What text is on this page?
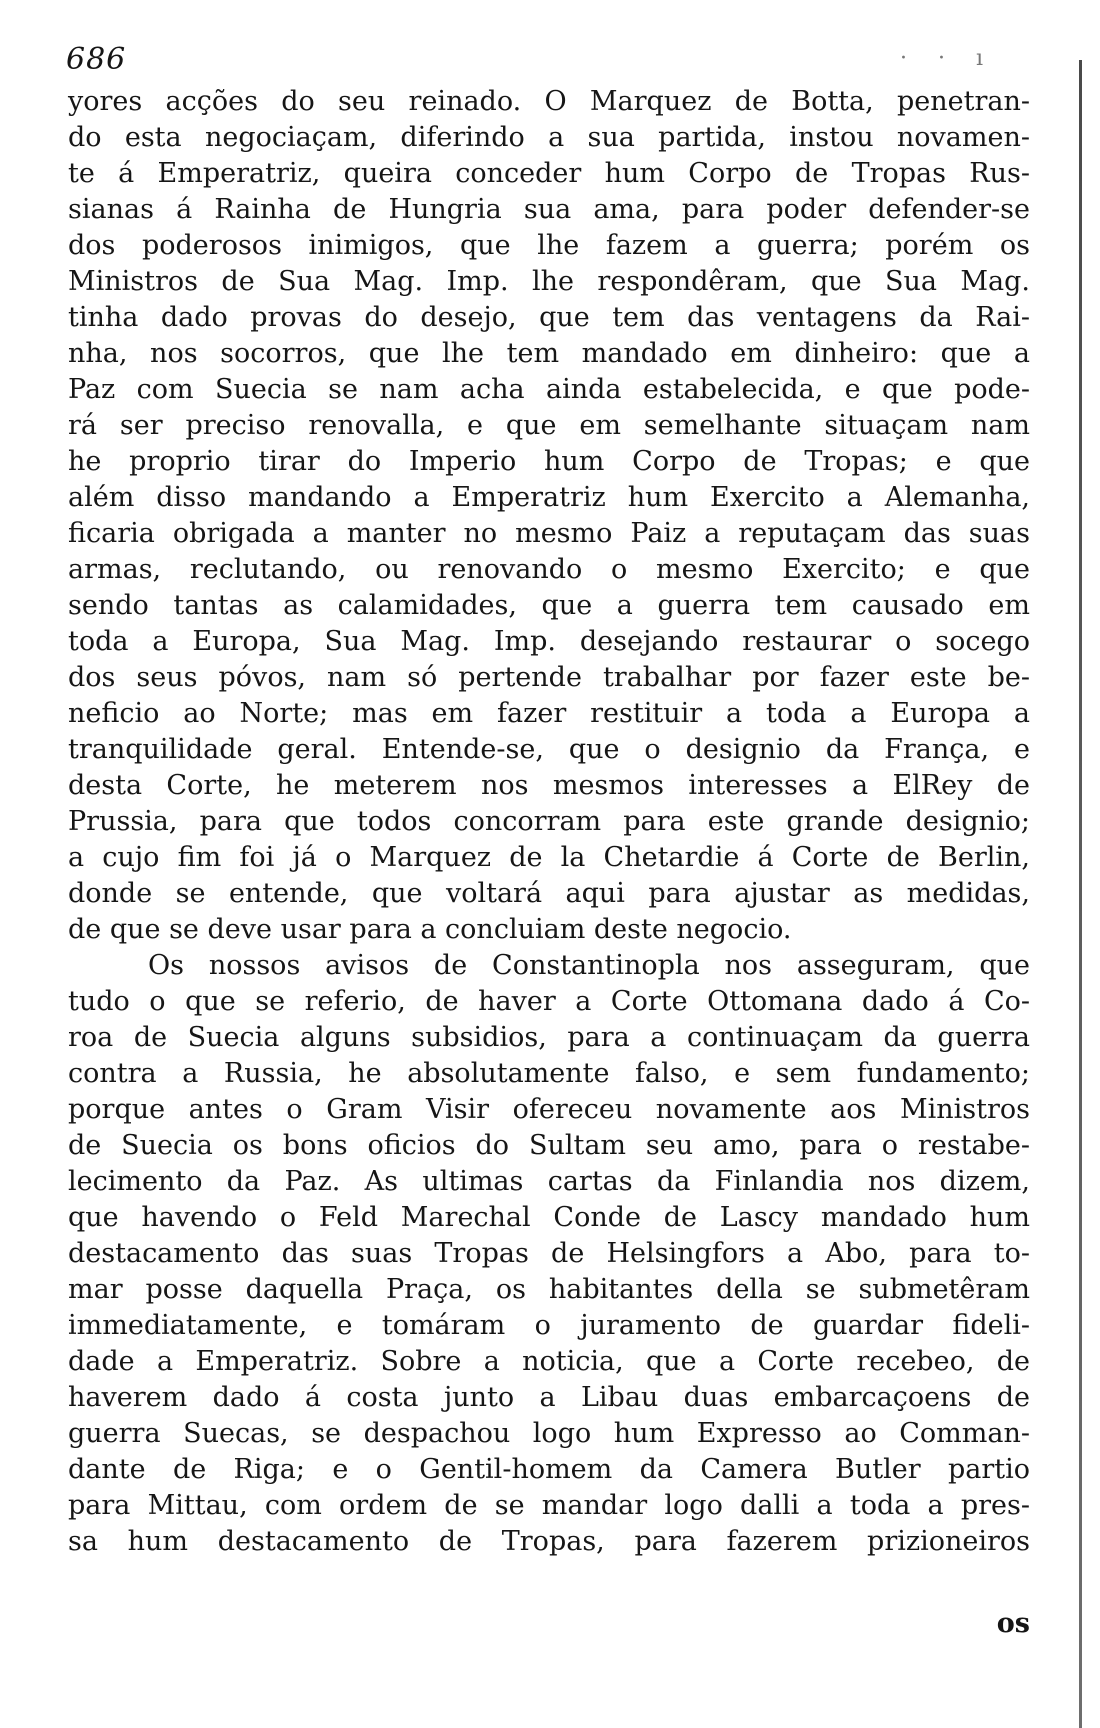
686	· · ı
yores acções do seu reinado. O Marquez de Botta, penetran-
do esta negociaçam, diferindo a sua partida, instou novamen-
te á Emperatriz, queira conceder hum Corpo de Tropas Rus-
sianas á Rainha de Hungria sua ama, para poder defender-se
dos poderosos inimigos, que lhe fazem a guerra; porém os
Ministros de Sua Mag. Imp. lhe respondêram, que Sua Mag.
tinha dado provas do desejo, que tem das ventagens da Rai-
nha, nos socorros, que lhe tem mandado em dinheiro: que a
Paz com Suecia se nam acha ainda estabelecida, e que pode-
rá ser preciso renovalla, e que em semelhante situaçam nam
he proprio tirar do Imperio hum Corpo de Tropas; e que
além disso mandando a Emperatriz hum Exercito a Alemanha,
ficaria obrigada a manter no mesmo Paiz a reputaçam das suas
armas, reclutando, ou renovando o mesmo Exercito; e que
sendo tantas as calamidades, que a guerra tem causado em
toda a Europa, Sua Mag. Imp. desejando restaurar o socego
dos seus póvos, nam só pertende trabalhar por fazer este be-
neficio ao Norte; mas em fazer restituir a toda a Europa a
tranquilidade geral. Entende-se, que o designio da França, e
desta Corte, he meterem nos mesmos interesses a ElRey de
Prussia, para que todos concorram para este grande designio;
a cujo fim foi já o Marquez de la Chetardie á Corte de Berlin,
donde se entende, que voltará aqui para ajustar as medidas,
de que se deve usar para a concluiam deste negocio.
Os nossos avisos de Constantinopla nos asseguram, que
tudo o que se referio, de haver a Corte Ottomana dado á Co-
roa de Suecia alguns subsidios, para a continuaçam da guerra
contra a Russia, he absolutamente falso, e sem fundamento;
porque antes o Gram Visir ofereceu novamente aos Ministros
de Suecia os bons oficios do Sultam seu amo, para o restabe-
lecimento da Paz. As ultimas cartas da Finlandia nos dizem,
que havendo o Feld Marechal Conde de Lascy mandado hum
destacamento das suas Tropas de Helsingfors a Abo, para to-
mar posse daquella Praça, os habitantes della se submetêram
immediatamente, e tomáram o juramento de guardar fideli-
dade a Emperatriz. Sobre a noticia, que a Corte recebeo, de
haverem dado á costa junto a Libau duas embarcaçoens de
guerra Suecas, se despachou logo hum Expresso ao Comman-
dante de Riga; e o Gentil-homem da Camera Butler partio
para Mittau, com ordem de se mandar logo dalli a toda a pres-
sa hum destacamento de Tropas, para fazerem prizioneiros
os
